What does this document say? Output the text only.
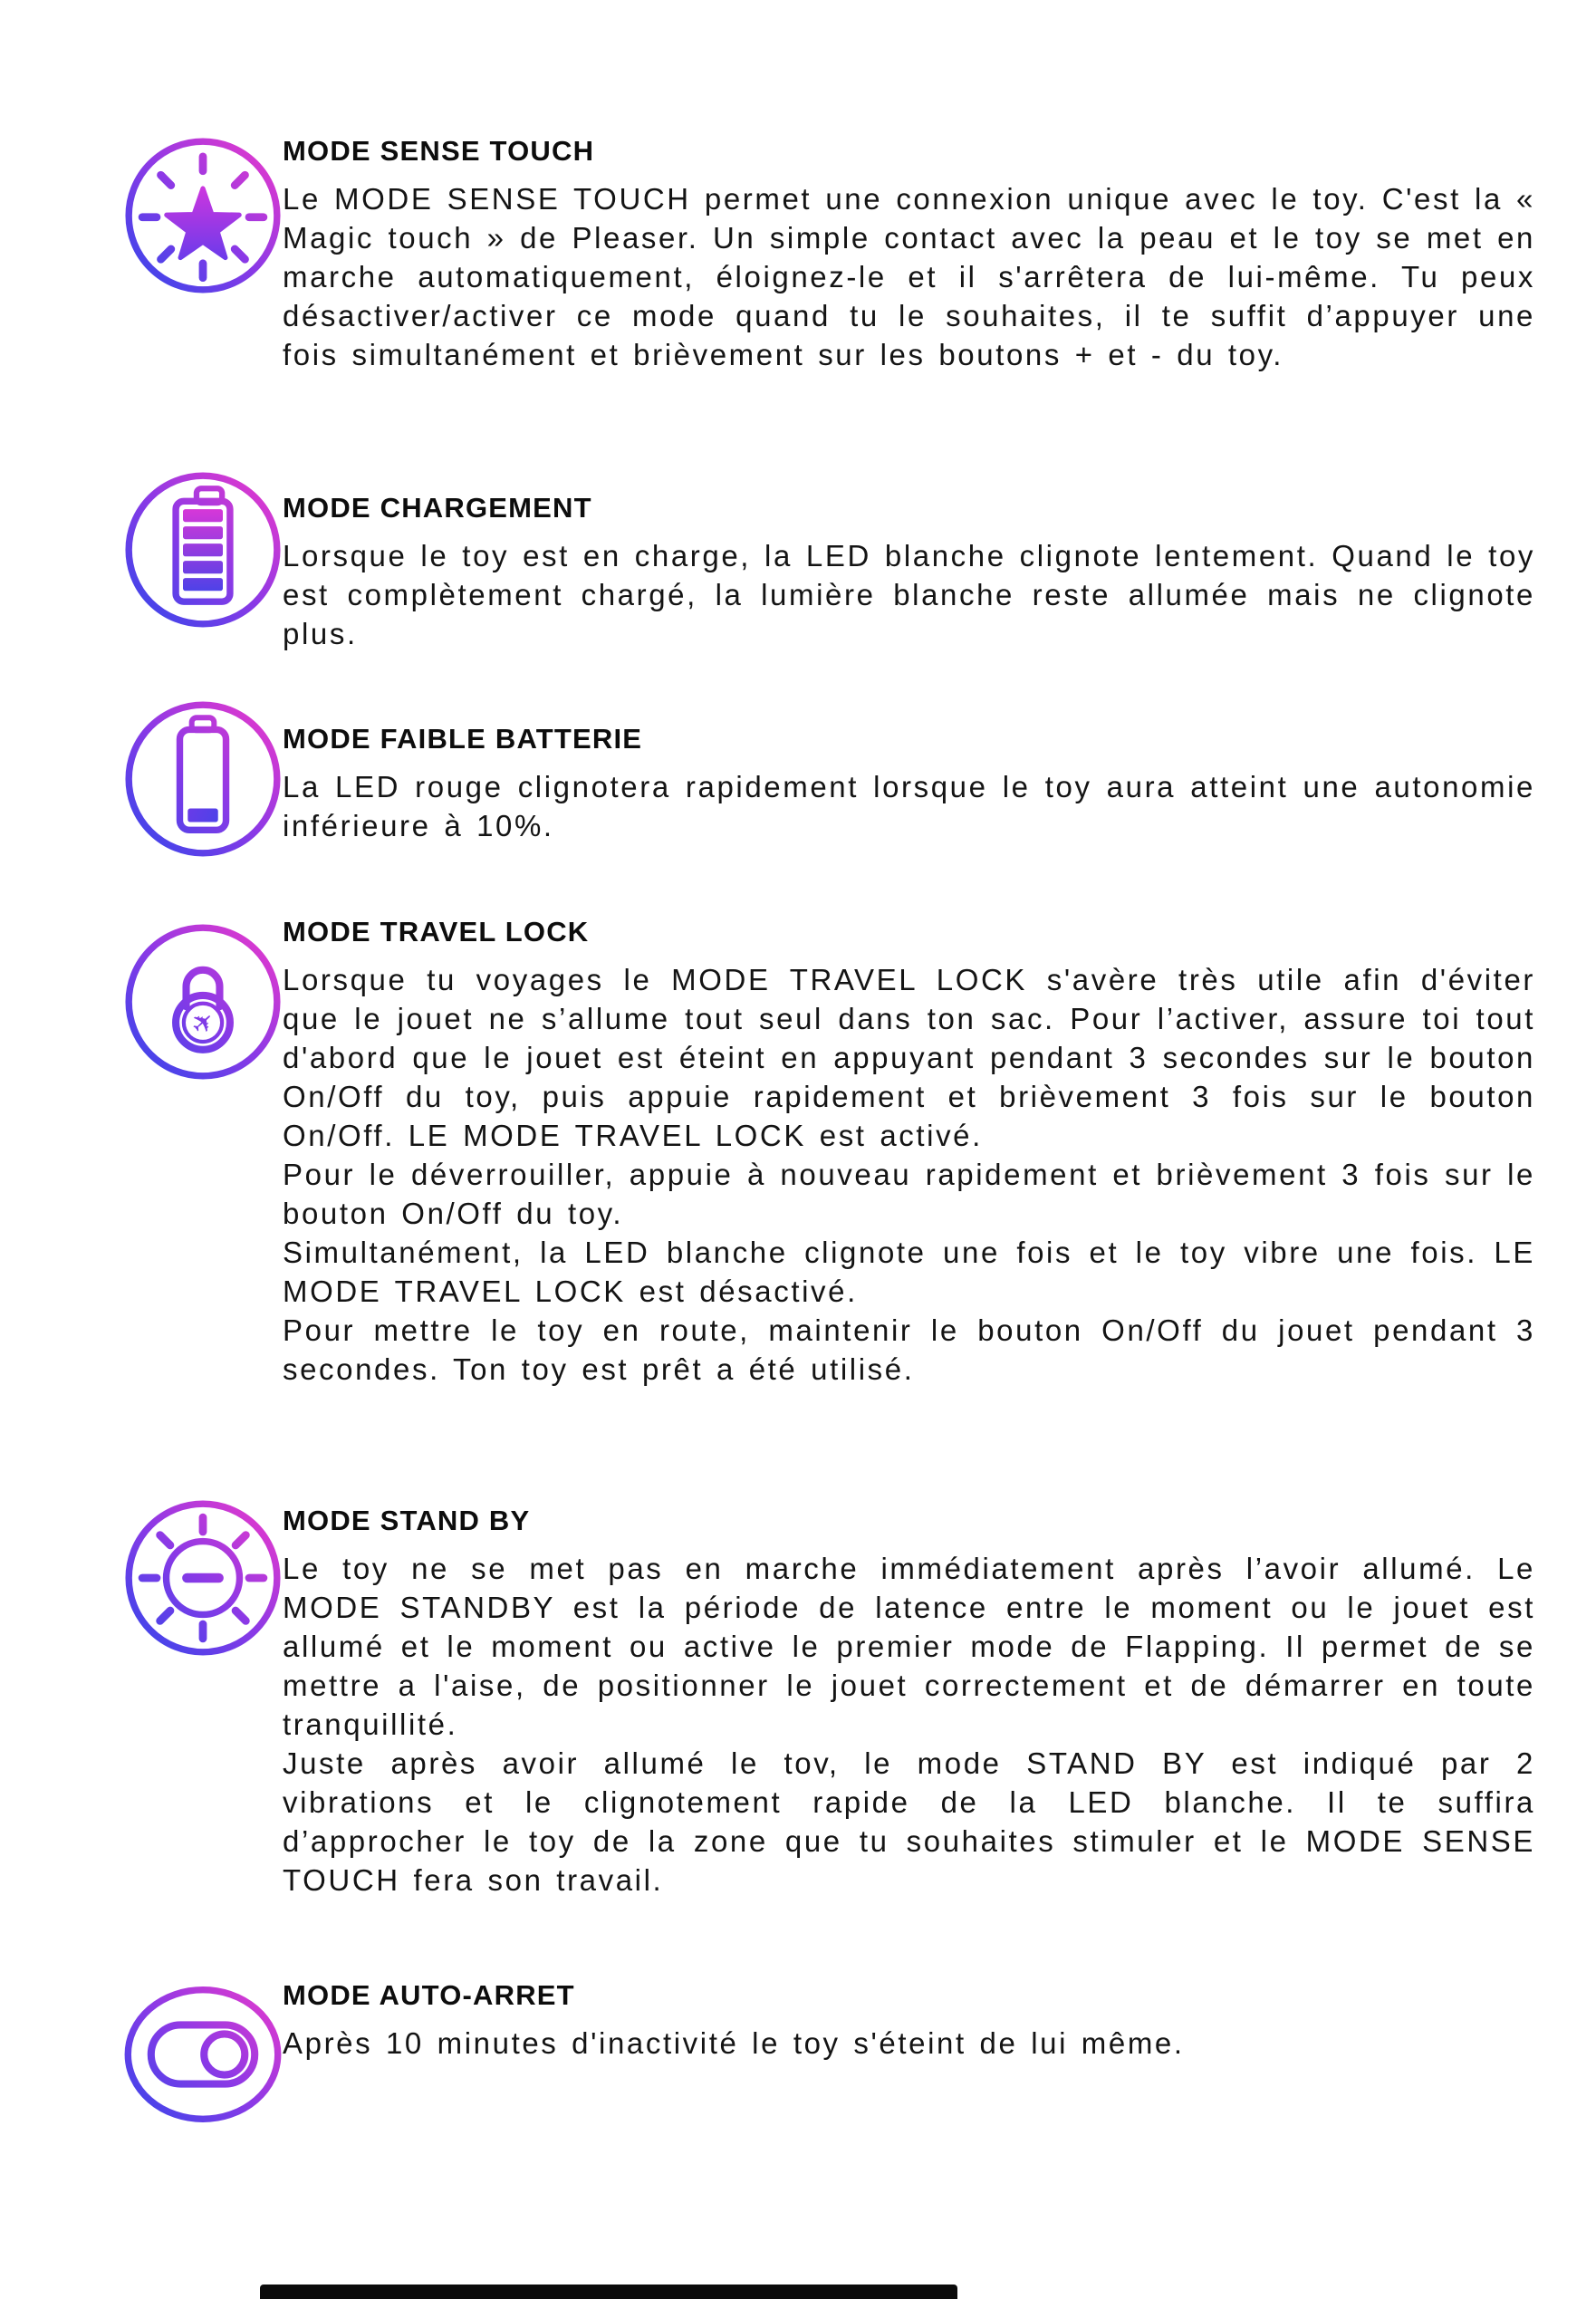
MODE SENSE TOUCH

Le MODE SENSE TOUCH permet une connexion unique avec le toy. C'est la « Magic touch » de Pleaser. Un simple contact avec la peau et le toy se met en marche automatiquement, éloignez-le et il s'arrêtera de lui-même. Tu peux désactiver/activer ce mode quand tu le souhaites, il te suffit d’appuyer une fois simultanément et brièvement sur les boutons + et - du toy.

MODE CHARGEMENT

Lorsque le toy est en charge, la LED blanche clignote lentement. Quand le toy est complètement chargé, la lumière blanche reste allumée mais ne clignote plus.

MODE FAIBLE BATTERIE

La LED rouge clignotera rapidement lorsque le toy aura atteint une autonomie inférieure à 10%.

✈
MODE TRAVEL LOCK

Lorsque tu voyages le MODE TRAVEL LOCK s'avère très utile afin d'éviter que le jouet ne s’allume tout seul dans ton sac. Pour l’activer, assure toi tout d'abord que le jouet est éteint en appuyant pendant 3 secondes sur le bouton On/Off du toy, puis appuie rapidement et brièvement 3 fois sur le bouton On/Off. LE MODE TRAVEL LOCK est activé.

Pour le déverrouiller, appuie à nouveau rapidement et brièvement 3 fois sur le bouton On/Off du toy.

Simultanément, la LED blanche clignote une fois et le toy vibre une fois. LE MODE TRAVEL LOCK est désactivé.

Pour mettre le toy en route, maintenir le bouton On/Off du jouet pendant 3 secondes. Ton toy est prêt a été utilisé.

MODE STAND BY

Le toy ne se met pas en marche immédiatement après l’avoir allumé. Le MODE STANDBY est la période de latence entre le moment ou le jouet est allumé et le moment ou active le premier mode de Flapping. Il permet de se mettre a l'aise, de positionner le jouet correctement et de démarrer en toute tranquillité.

Juste après avoir allumé le tov, le mode STAND BY est indiqué par 2 vibrations et le clignotement rapide de la LED blanche. Il te suffira d’approcher le toy de la zone que tu souhaites stimuler et le MODE SENSE TOUCH fera son travail.

MODE AUTO-ARRET

Après 10 minutes d'inactivité le toy s'éteint de lui même.
